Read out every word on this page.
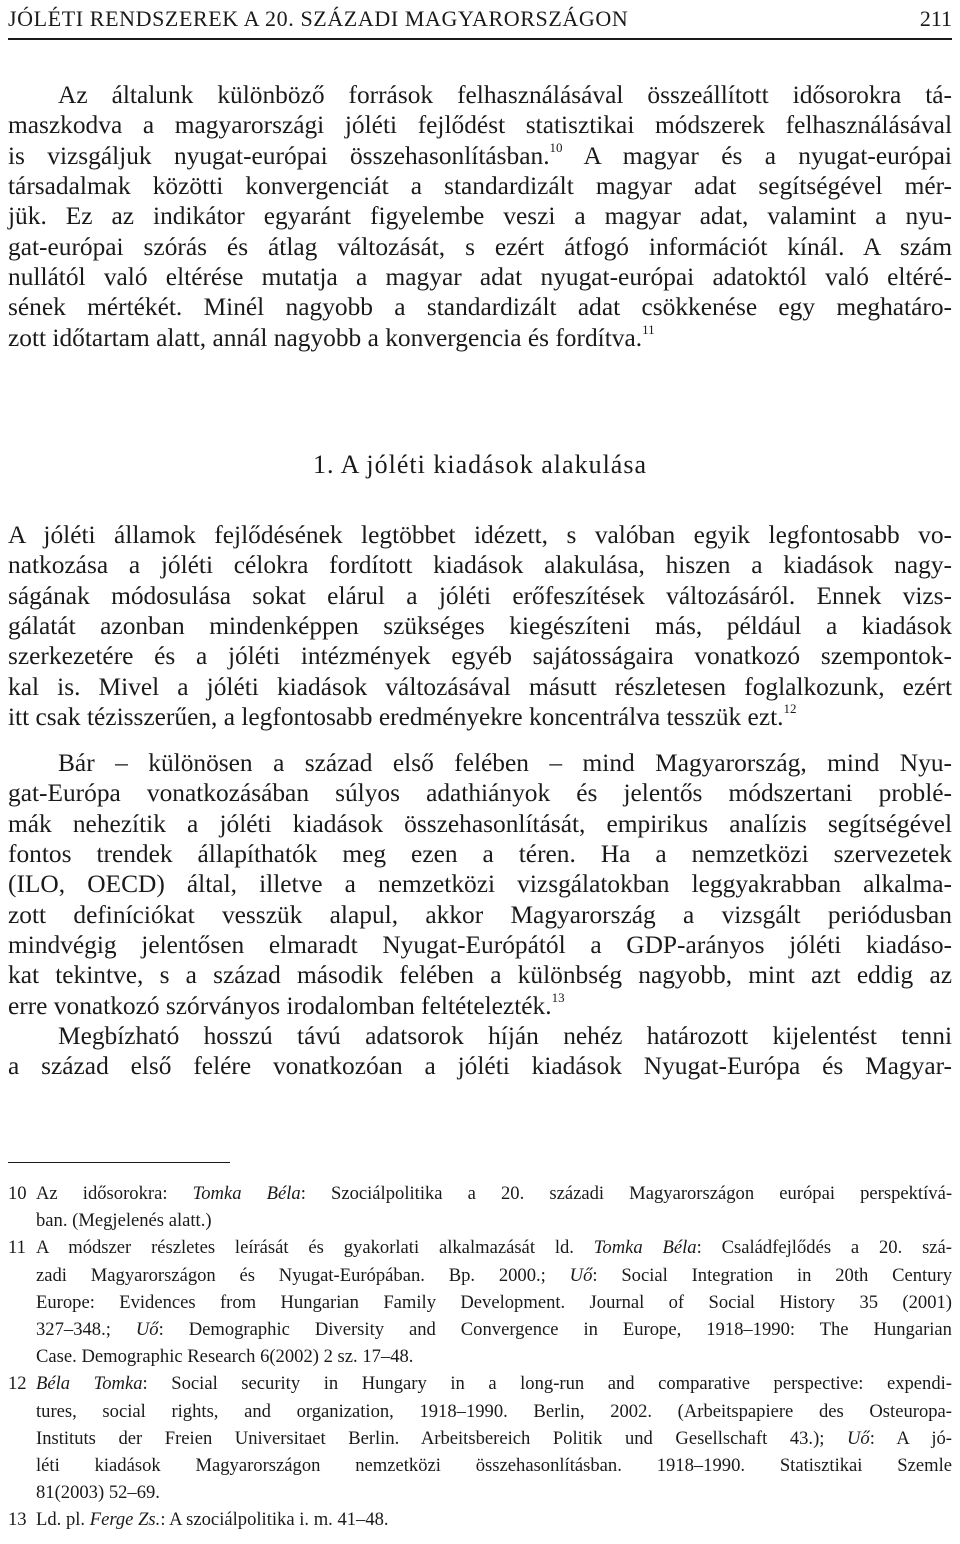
JÓLÉTI RENDSZEREK A 20. SZÁZADI MAGYARORSZÁGON	211
Az általunk különböző források felhasználásával összeállított idősorokra tá-
maszkodva a magyarországi jóléti fejlődést statisztikai módszerek felhasználásával
is vizsgáljuk nyugat-európai összehasonlításban.$^{10}$ A magyar és a nyugat-európai
társadalmak közötti konvergenciát a standardizált magyar adat segítségével mér-
jük. Ez az indikátor egyaránt figyelembe veszi a magyar adat, valamint a nyu-
gat-európai szórás és átlag változását, s ezért átfogó információt kínál. A szám
nullától való eltérése mutatja a magyar adat nyugat-európai adatoktól való eltéré-
sének mértékét. Minél nagyobb a standardizált adat csökkenése egy meghatáro-
zott időtartam alatt, annál nagyobb a konvergencia és fordítva.$^{11}$
1. A jóléti kiadások alakulása
A jóléti államok fejlődésének legtöbbet idézett, s valóban egyik legfontosabb vo-
natkozása a jóléti célokra fordított kiadások alakulása, hiszen a kiadások nagy-
ságának módosulása sokat elárul a jóléti erőfeszítések változásáról. Ennek vizs-
gálatát azonban mindenképpen szükséges kiegészíteni más, például a kiadások
szerkezetére és a jóléti intézmények egyéb sajátosságaira vonatkozó szempontok-
kal is. Mivel a jóléti kiadások változásával másutt részletesen foglalkozunk, ezért
itt csak tézisszerűen, a legfontosabb eredményekre koncentrálva tesszük ezt.$^{12}$
Bár – különösen a század első felében – mind Magyarország, mind Nyu-
gat-Európa vonatkozásában súlyos adathiányok és jelentős módszertani problé-
mák nehezítik a jóléti kiadások összehasonlítását, empirikus analízis segítségével
fontos trendek állapíthatók meg ezen a téren. Ha a nemzetközi szervezetek
(ILO, OECD) által, illetve a nemzetközi vizsgálatokban leggyakrabban alkalma-
zott definíciókat vesszük alapul, akkor Magyarország a vizsgált periódusban
mindvégig jelentősen elmaradt Nyugat-Európától a GDP-arányos jóléti kiadáso-
kat tekintve, s a század második felében a különbség nagyobb, mint azt eddig az
erre vonatkozó szórványos irodalomban feltételezték.$^{13}$
Megbízható hosszú távú adatsorok híján nehéz határozott kijelentést tenni
a század első felére vonatkozóan a jóléti kiadások Nyugat-Európa és Magyar-
10 Az idősorokra: Tomka Béla: Szociálpolitika a 20. századi Magyarországon európai perspektívá-
ban. (Megjelenés alatt.)
11 A módszer részletes leírását és gyakorlati alkalmazását ld. Tomka Béla: Családfejlődés a 20. szá-
zadi Magyarországon és Nyugat-Európában. Bp. 2000.; Uő: Social Integration in 20th Century
Europe: Evidences from Hungarian Family Development. Journal of Social History 35 (2001)
327–348.; Uő: Demographic Diversity and Convergence in Europe, 1918–1990: The Hungarian
Case. Demographic Research 6(2002) 2 sz. 17–48.
12 Béla Tomka: Social security in Hungary in a long-run and comparative perspective: expendi-
tures, social rights, and organization, 1918–1990. Berlin, 2002. (Arbeitspapiere des Osteuropa-
Instituts der Freien Universitaet Berlin. Arbeitsbereich Politik und Gesellschaft 43.); Uő: A jó-
léti kiadások Magyarországon nemzetközi összehasonlításban. 1918–1990. Statisztikai Szemle
81(2003) 52–69.
13 Ld. pl. Ferge Zs.: A szociálpolitika i. m. 41–48.
